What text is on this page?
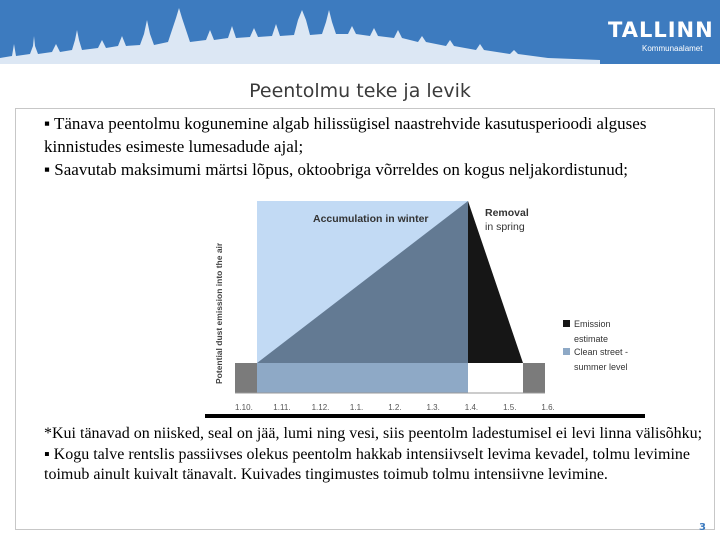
TALLINN
Kommunaalamet
Peentolmu teke ja levik

▪ Tänava peentolmu kogunemine algab hilissügisel naastrehvide kasutusperioodi alguses kinnistudes esimeste lumesadude ajal;

▪ Saavutab maksimumi märtsi lõpus, oktoobriga võrreldes on kogus neljakordistunud;

Potential dust emission into the air
Accumulation in winter	Removal
in spring
Emission
estimate
Clean street -
summer level
1.10.	1.11.	1.12.	1.1.	1.2.	1.3.	1.4.	1.5.	1.6.

*Kui tänavad on niisked, seal on jää, lumi ning vesi, siis peentolm ladestumisel ei levi linna välisõhku;

▪ Kogu talve rentslis passiivses olekus peentolm hakkab intensiivselt levima kevadel, tolmu levimine toimub ainult kuivalt tänavalt. Kuivades tingimustes toimub tolmu intensiivne levimine.

3
